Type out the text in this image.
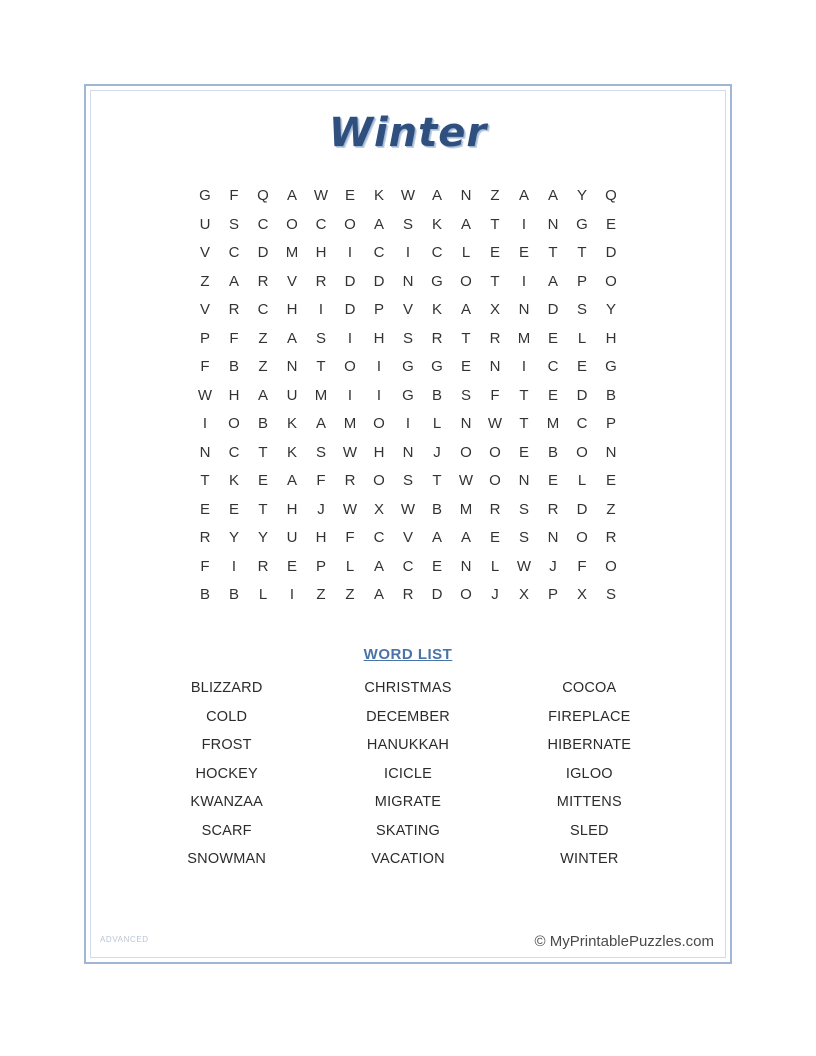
Winter
G	F	Q	A	W	E	K	W	A	N	Z	A	A	Y	Q
U	S	C	O	C	O	A	S	K	A	T	I	N	G	E
V	C	D	M	H	I	C	I	C	L	E	E	T	T	D
Z	A	R	V	R	D	D	N	G	O	T	I	A	P	O
V	R	C	H	I	D	P	V	K	A	X	N	D	S	Y
P	F	Z	A	S	I	H	S	R	T	R	M	E	L	H
F	B	Z	N	T	O	I	G	G	E	N	I	C	E	G
W	H	A	U	M	I	I	G	B	S	F	T	E	D	B
I	O	B	K	A	M	O	I	L	N	W	T	M	C	P
N	C	T	K	S	W	H	N	J	O	O	E	B	O	N
T	K	E	A	F	R	O	S	T	W	O	N	E	L	E
E	E	T	H	J	W	X	W	B	M	R	S	R	D	Z
R	Y	Y	U	H	F	C	V	A	A	E	S	N	O	R
F	I	R	E	P	L	A	C	E	N	L	W	J	F	O
B	B	L	I	Z	Z	A	R	D	O	J	X	P	X	S
WORD LIST
BLIZZARD	CHRISTMAS	COCOA
COLD	DECEMBER	FIREPLACE
FROST	HANUKKAH	HIBERNATE
HOCKEY	ICICLE	IGLOO
KWANZAA	MIGRATE	MITTENS
SCARF	SKATING	SLED
SNOWMAN	VACATION	WINTER
ADVANCED	© MyPrintablePuzzles.com
